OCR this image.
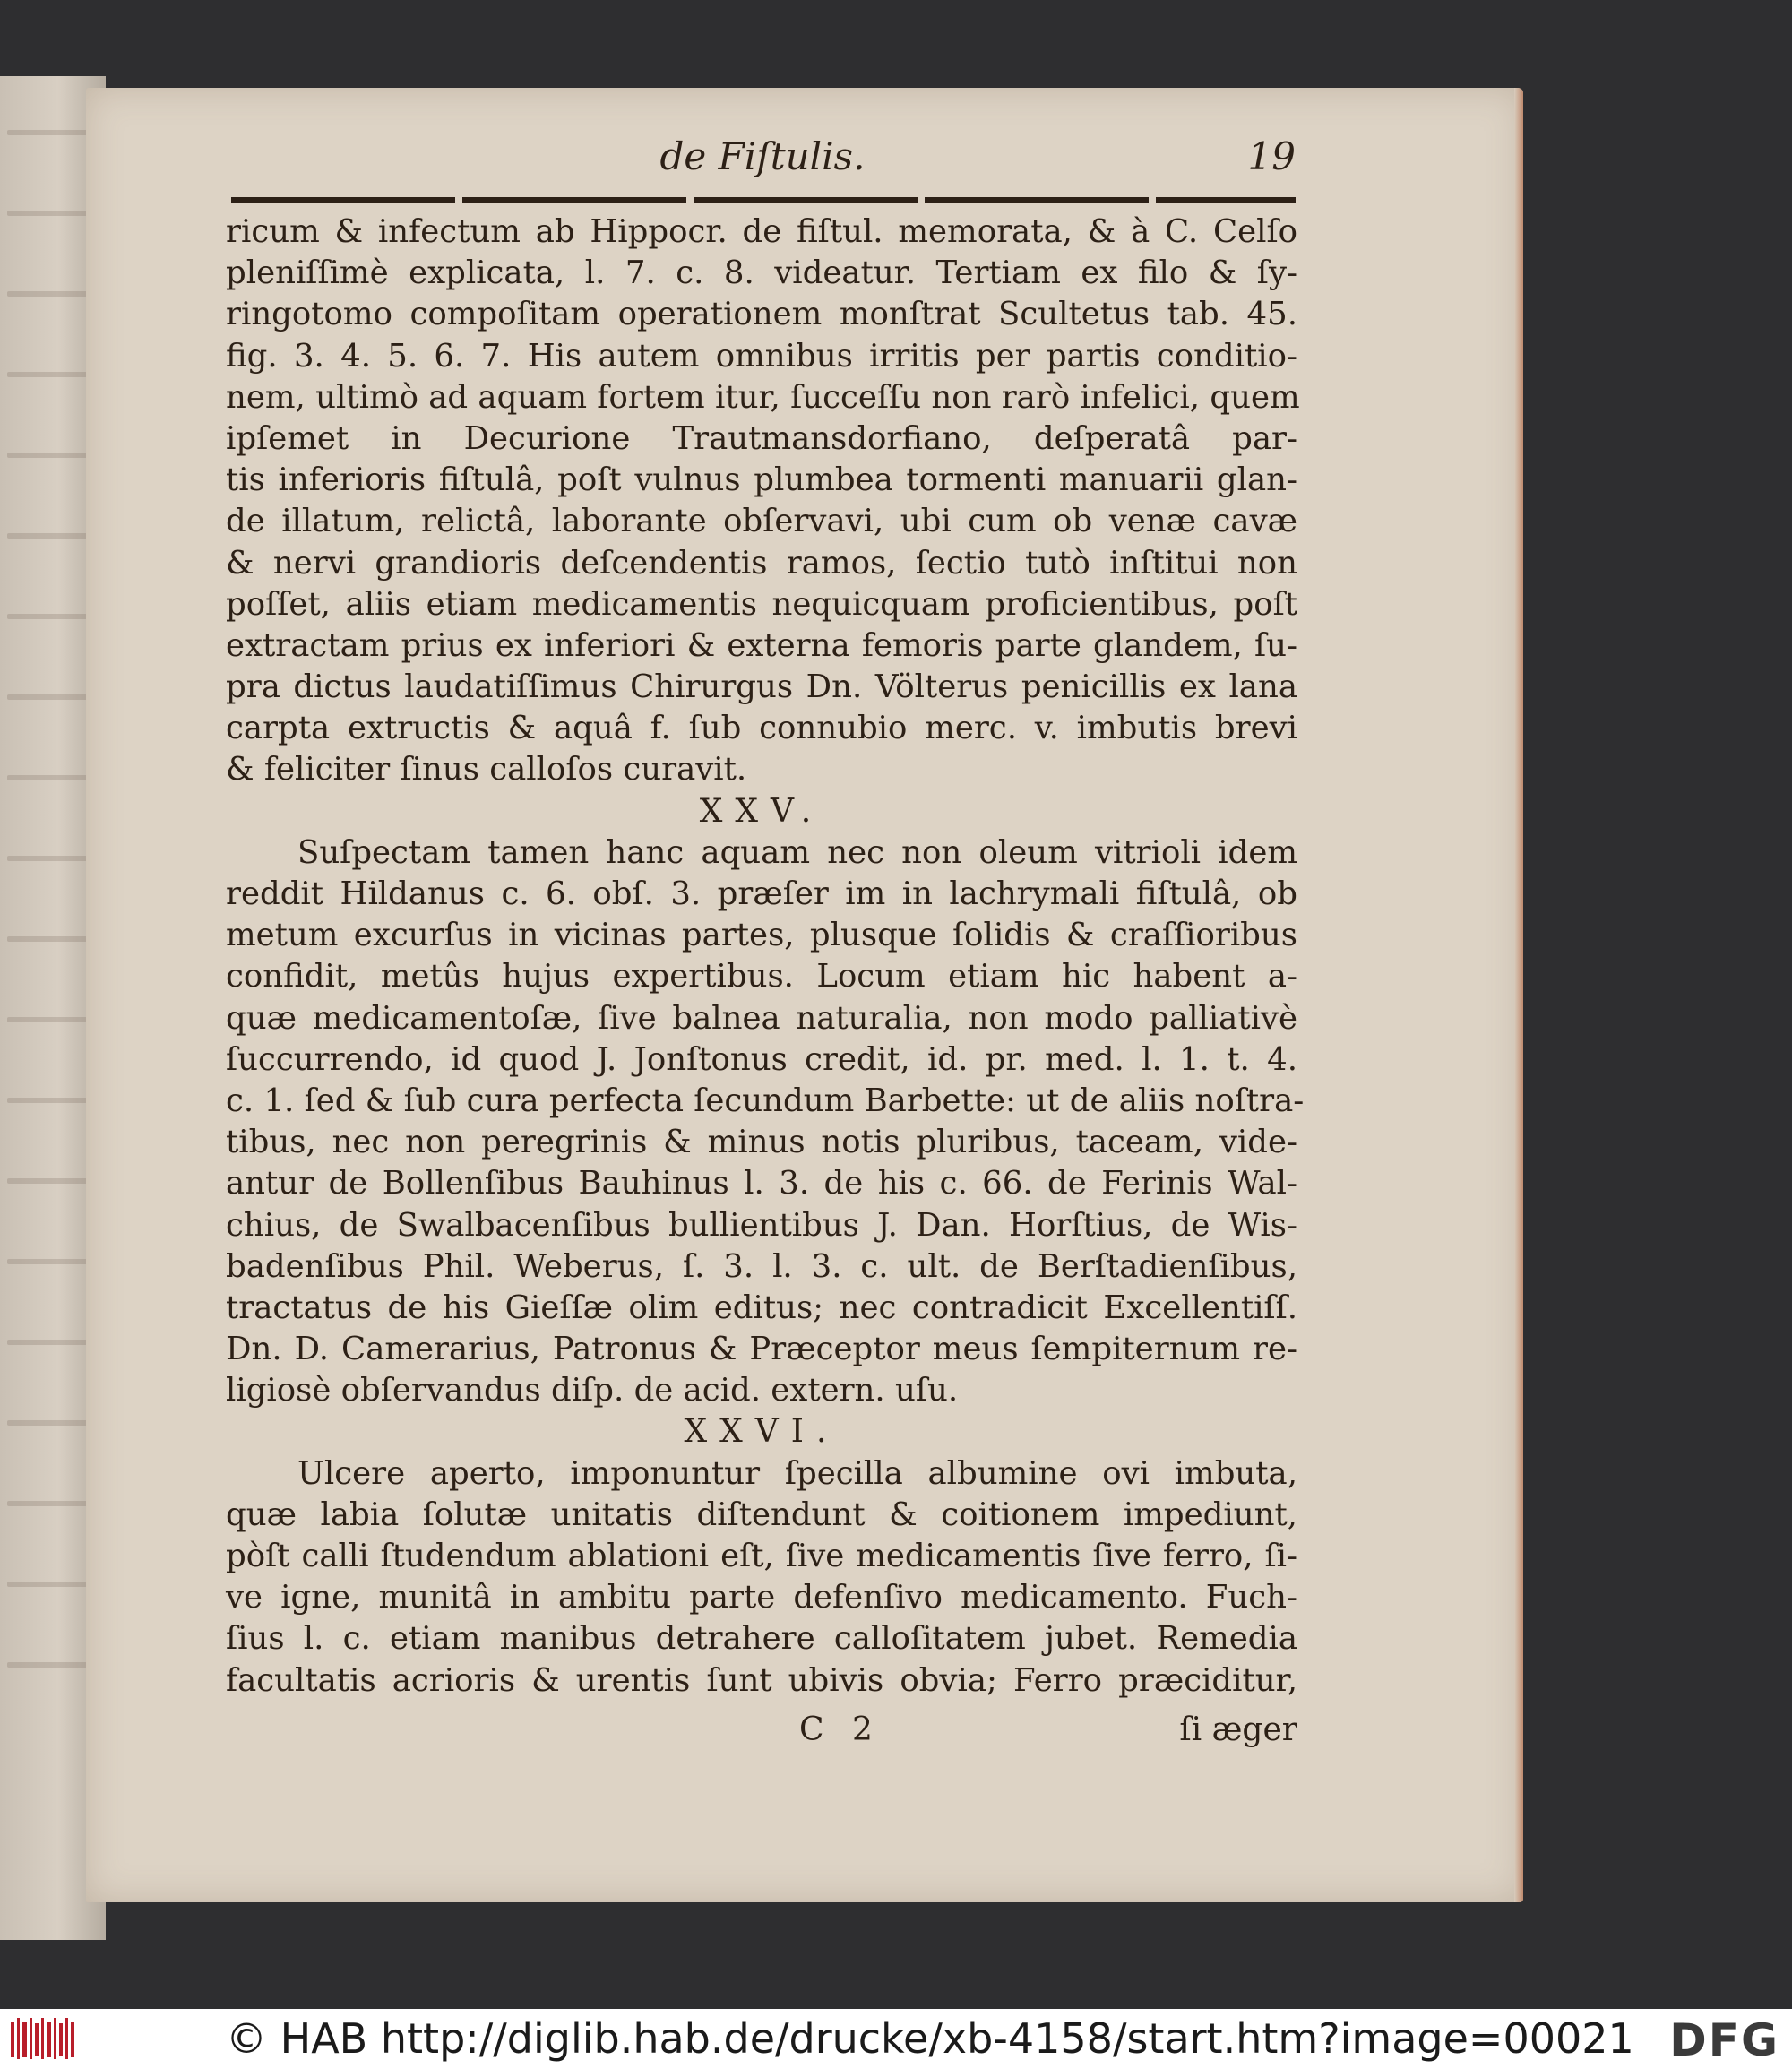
de Fiſtulis.	19
ricum & infectum ab Hippocr. de fiſtul. memorata, & à C. Celſo
pleniſſimè explicata, l. 7. c. 8. videatur. Tertiam ex filo & ſy-
ringotomo compoſitam operationem monſtrat Scultetus tab. 45.
fig. 3. 4. 5. 6. 7. His autem omnibus irritis per partis conditio-
nem, ultimò ad aquam fortem itur, ſucceſſu non rarò infelici, quem
ipſemet in Decurione Trautmansdorfiano, deſperatâ par-
tis inferioris fiſtulâ, poſt vulnus plumbea tormenti manuarii glan-
de illatum, relictâ, laborante obſervavi, ubi cum ob venæ cavæ
& nervi grandioris deſcendentis ramos, ſectio tutò inſtitui non
poſſet, aliis etiam medicamentis nequicquam proficientibus, poſt
extractam prius ex inferiori & externa femoris parte glandem, ſu-
pra dictus laudatiſſimus Chirurgus Dn. Völterus penicillis ex lana
carpta extructis & aquâ f. ſub connubio merc. v. imbutis brevi
& feliciter ſinus calloſos curavit.
XXV.
Suſpectam tamen hanc aquam nec non oleum vitrioli idem
reddit Hildanus c. 6. obſ. 3. præſer im in lachrymali fiſtulâ, ob
metum excurſus in vicinas partes, plusque ſolidis & craſſioribus
confidit, metûs hujus expertibus. Locum etiam hic habent a-
quæ medicamentoſæ, ſive balnea naturalia, non modo palliativè
ſuccurrendo, id quod J. Jonſtonus credit, id. pr. med. l. 1. t. 4.
c. 1. ſed & ſub cura perfecta ſecundum Barbette: ut de aliis noſtra-
tibus, nec non peregrinis & minus notis pluribus, taceam, vide-
antur de Bollenſibus Bauhinus l. 3. de his c. 66. de Ferinis Wal-
chius, de Swalbacenſibus bullientibus J. Dan. Horſtius, de Wis-
badenſibus Phil. Weberus, ſ. 3. l. 3. c. ult. de Berſtadienſibus,
tractatus de his Gieſſæ olim editus; nec contradicit Excellentiſſ.
Dn. D. Camerarius, Patronus & Præceptor meus ſempiternum re-
ligiosè obſervandus diſp. de acid. extern. uſu.
XXVI.
Ulcere aperto, imponuntur ſpecilla albumine ovi imbuta,
quæ labia ſolutæ unitatis diſtendunt & coitionem impediunt,
pòſt calli ſtudendum ablationi eſt, ſive medicamentis ſive ferro, ſi-
ve igne, munitâ in ambitu parte defenſivo medicamento. Fuch-
ſius l. c. etiam manibus detrahere calloſitatem jubet. Remedia
facultatis acrioris & urentis ſunt ubivis obvia; Ferro præciditur,
C 2	ſi æger
© HAB http://diglib.hab.de/drucke/xb-4158/start.htm?image=00021 DFG
